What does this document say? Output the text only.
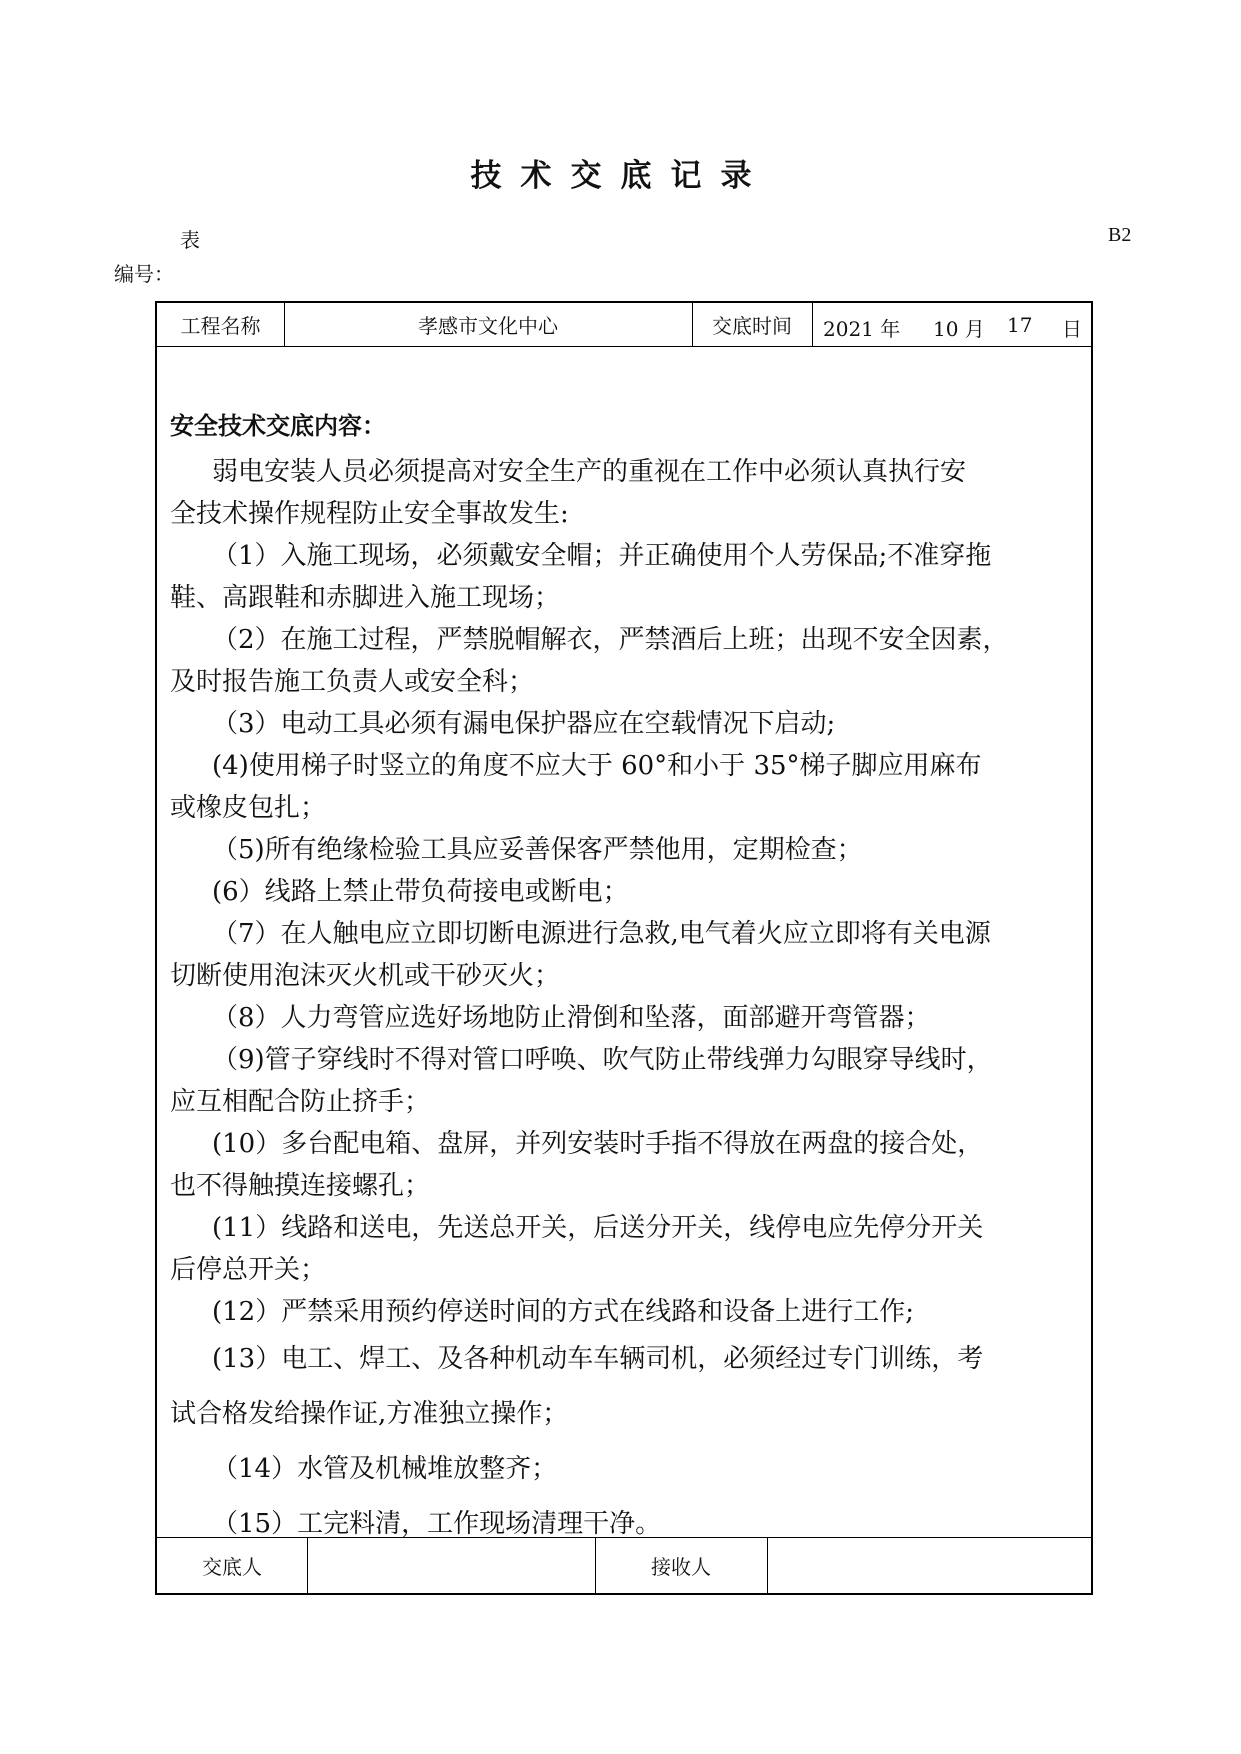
技术交底记录
表	B2
编号：
工程名称	孝感市文化中心	交底时间	2021 年 10 月 17 日
安全技术交底内容：
弱电安装人员必须提高对安全生产的重视在工作中必须认真执行安
全技术操作规程防止安全事故发生:
（1）入施工现场，必须戴安全帽；并正确使用个人劳保品;不准穿拖
鞋、高跟鞋和赤脚进入施工现场；
（2）在施工过程，严禁脱帽解衣，严禁酒后上班；出现不安全因素，
及时报告施工负责人或安全科；
（3）电动工具必须有漏电保护器应在空载情况下启动;
(4)使用梯子时竖立的角度不应大于 60°和小于 35°梯子脚应用麻布
或橡皮包扎；
（5)所有绝缘检验工具应妥善保客严禁他用，定期检查；
(6）线路上禁止带负荷接电或断电；
（7）在人触电应立即切断电源进行急救,电气着火应立即将有关电源
切断使用泡沫灭火机或干砂灭火；
（8）人力弯管应选好场地防止滑倒和坠落，面部避开弯管器；
（9)管子穿线时不得对管口呼唤、吹气防止带线弹力勾眼穿导线时，
应互相配合防止挤手；
(10）多台配电箱、盘屏，并列安装时手指不得放在两盘的接合处，
也不得触摸连接螺孔；
(11）线路和送电，先送总开关，后送分开关，线停电应先停分开关
后停总开关；
(12）严禁采用预约停送时间的方式在线路和设备上进行工作;
(13）电工、焊工、及各种机动车车辆司机，必须经过专门训练，考
试合格发给操作证,方准独立操作；
（14）水管及机械堆放整齐；
（15）工完料清，工作现场清理干净。
交底人	接收人
